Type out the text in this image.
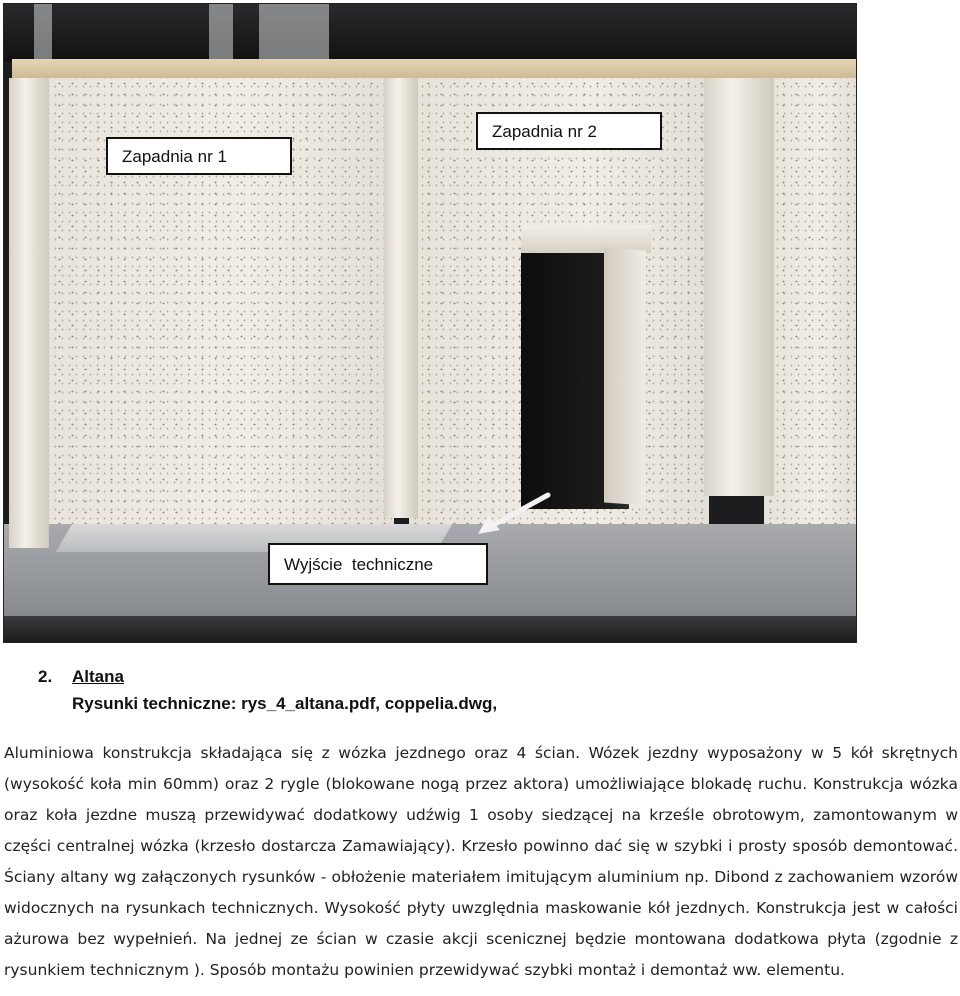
Zapadnia nr 1
Zapadnia nr 2
Wyjście  techniczne
2. Altana
Rysunki techniczne: rys_4_altana.pdf, coppelia.dwg,

Aluminiowa konstrukcja składająca się z wózka jezdnego oraz 4 ścian. Wózek jezdny wyposażony w 5 kół skrętnych (wysokość koła min 60mm) oraz 2 rygle (blokowane nogą przez aktora) umożliwiające blokadę ruchu. Konstrukcja wózka oraz koła jezdne muszą przewidywać dodatkowy udźwig 1 osoby siedzącej na krześle obrotowym, zamontowanym w części centralnej wózka (krzesło dostarcza Zamawiający). Krzesło powinno dać się w szybki i prosty sposób demontować. Ściany altany wg załączonych rysunków - obłożenie materiałem imitującym aluminium np. Dibond z zachowaniem wzorów widocznych na rysunkach technicznych. Wysokość płyty uwzględnia maskowanie kół jezdnych. Konstrukcja jest w całości ażurowa bez wypełnień. Na jednej ze ścian w czasie akcji scenicznej będzie montowana dodatkowa płyta (zgodnie z rysunkiem technicznym ). Sposób montażu powinien przewidywać szybki montaż i demontaż ww. elementu.
